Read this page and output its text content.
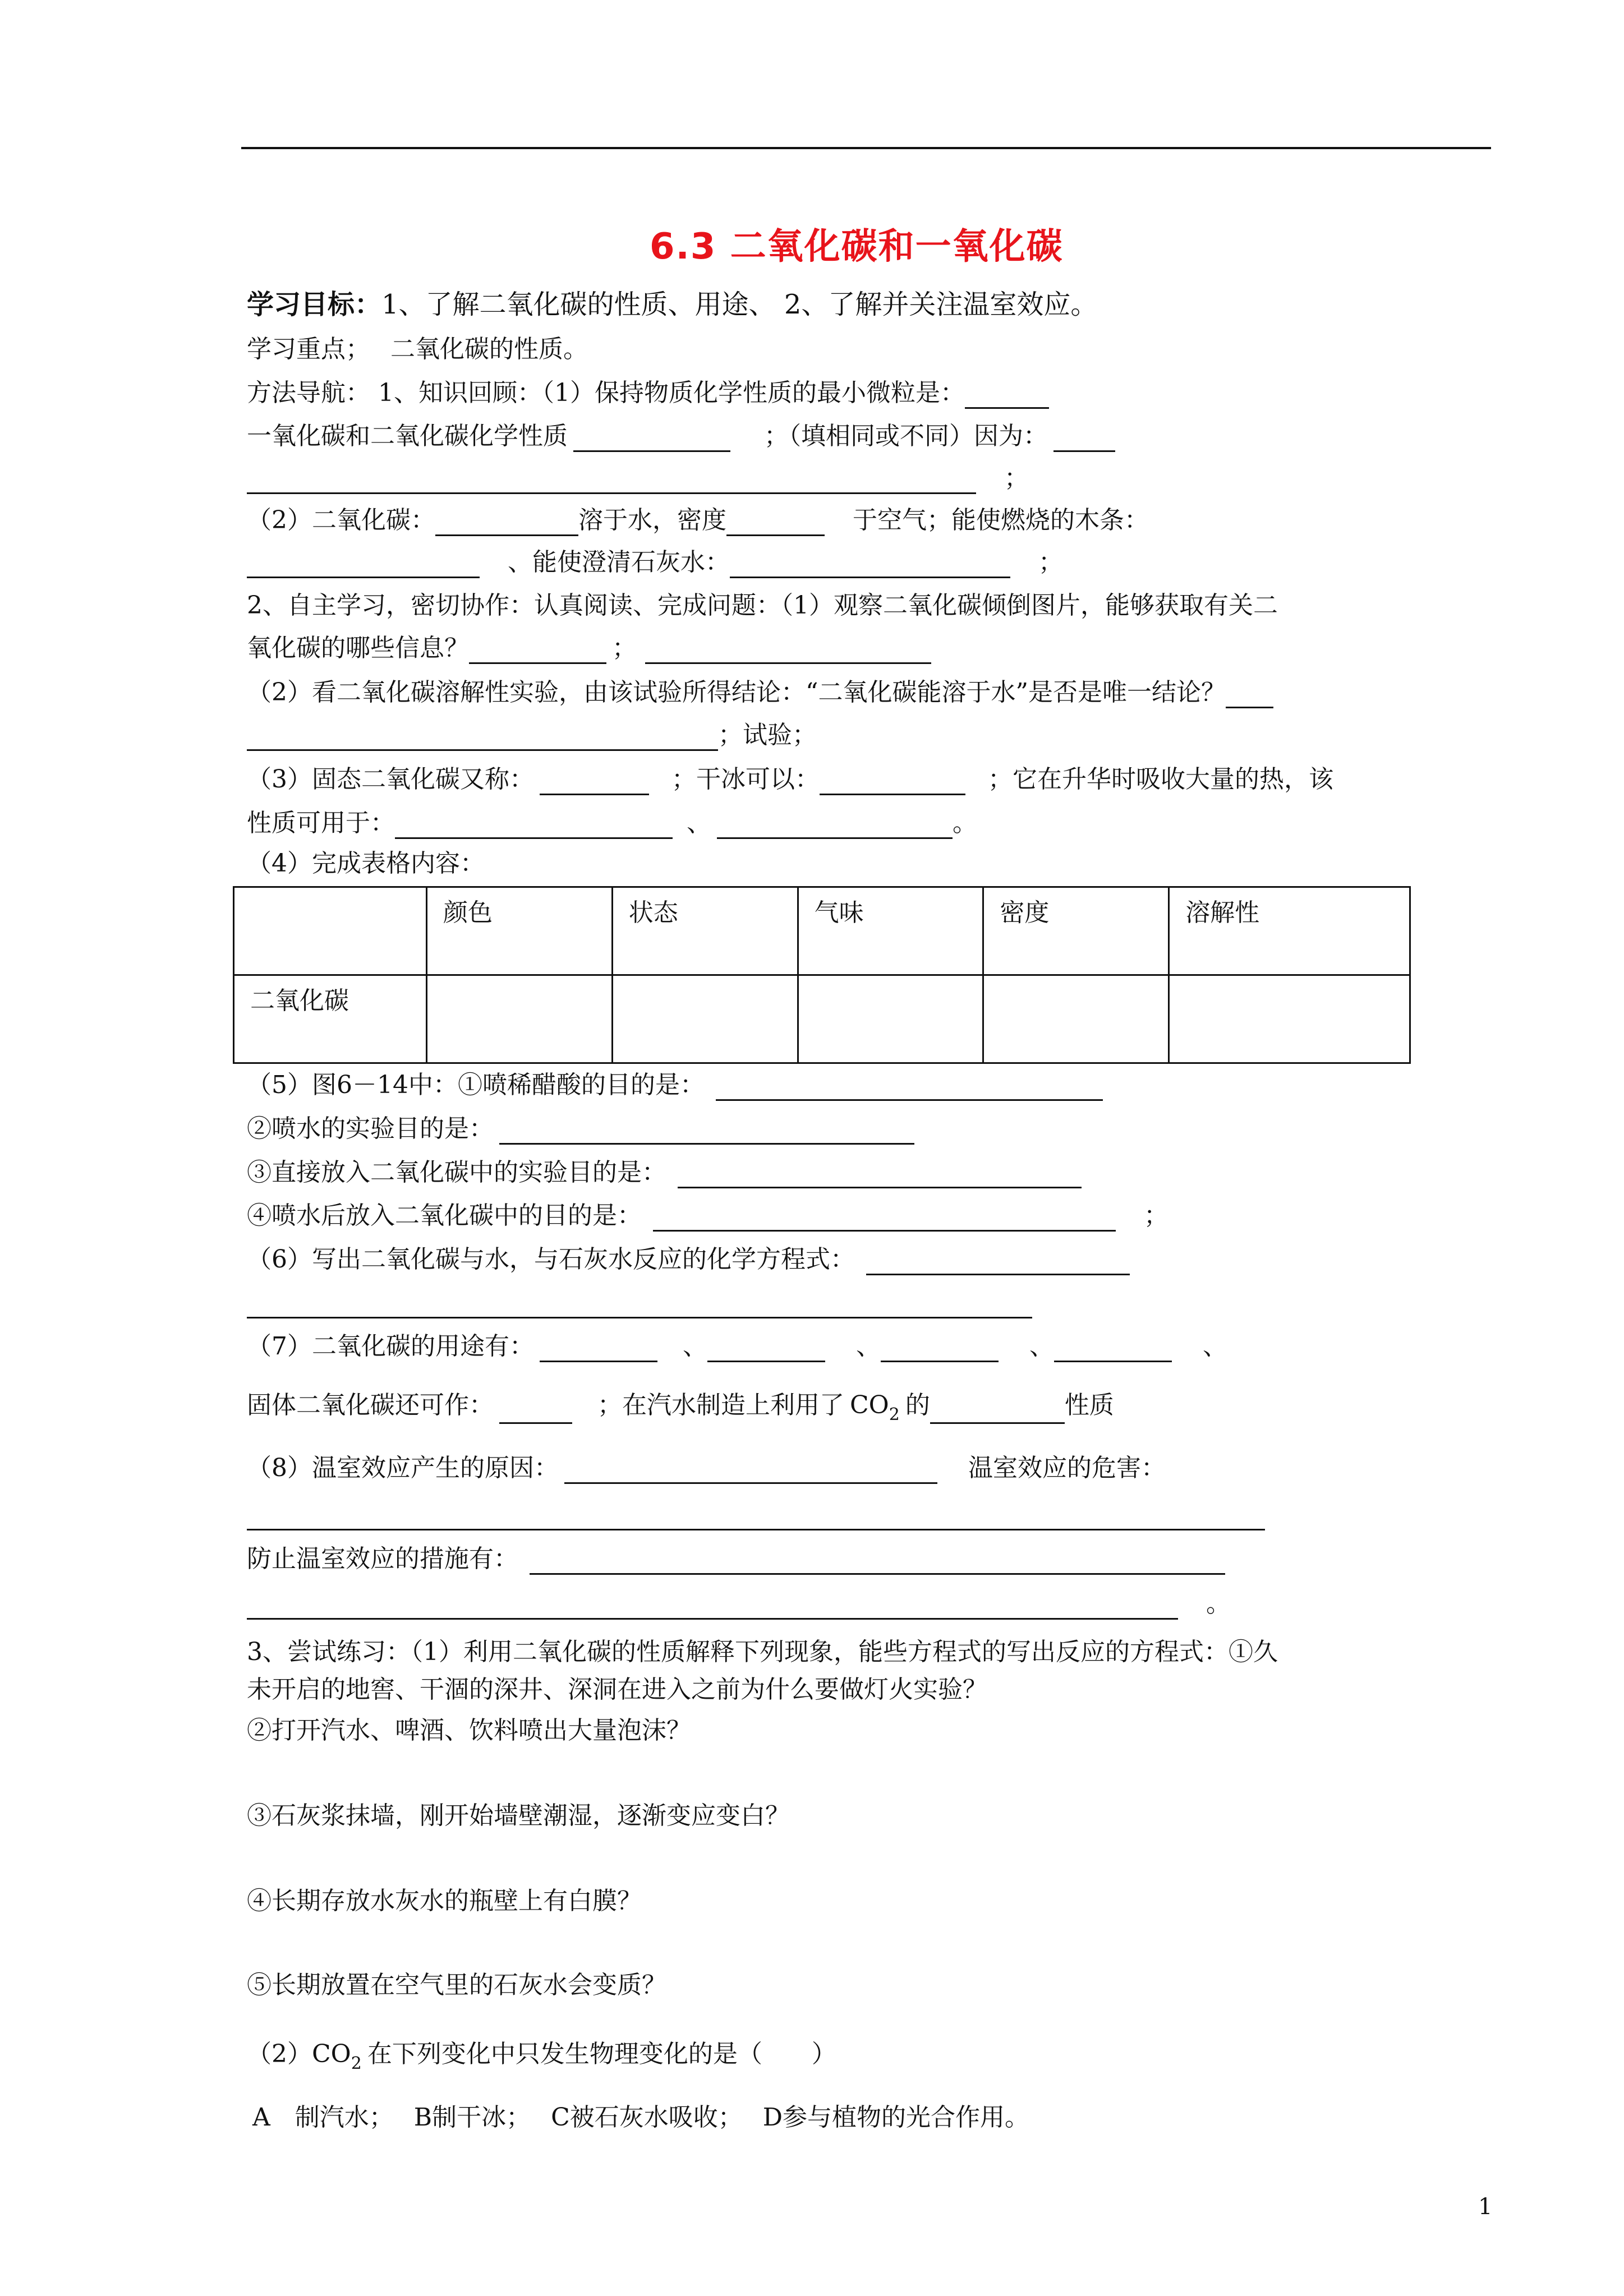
6.3 二氧化碳和一氧化碳
学习目标：1、了解二氧化碳的性质、用途、 2、了解并关注温室效应。
学习重点；　 二氧化碳的性质。
方法导航： 1、知识回顾：（1）保持物质化学性质的最小微粒是：
一氧化碳和二氧化碳化学性质	；（填相同或不同）因为：
；
（2）二氧化碳：	溶于水，密度	于空气；能使燃烧的木条：
、能使澄清石灰水：	；
2、自主学习，密切协作：认真阅读、完成问题：（1）观察二氧化碳倾倒图片，能够获取有关二
氧化碳的哪些信息？	；
（2）看二氧化碳溶解性实验，由该试验所得结论：“二氧化碳能溶于水”是否是唯一结论？
；试验；
（3）固态二氧化碳又称：	；干冰可以：	；它在升华时吸收大量的热，该
性质可用于：	、	。
（4）完成表格内容：
	颜色	状态	气味	密度	溶解性
二氧化碳					
（5）图6－14中：①喷稀醋酸的目的是：
②喷水的实验目的是：
③直接放入二氧化碳中的实验目的是：
④喷水后放入二氧化碳中的目的是：	；
（6）写出二氧化碳与水，与石灰水反应的化学方程式：
（7）二氧化碳的用途有：	、	、	、	、
固体二氧化碳还可作：	；在汽水制造上利用了 $CO_2$ 的	性质
（8）温室效应产生的原因：	温室效应的危害：
防止温室效应的措施有：
。
3、尝试练习：（1）利用二氧化碳的性质解释下列现象，能些方程式的写出反应的方程式：①久
未开启的地窖、干涸的深井、深洞在进入之前为什么要做灯火实验？
②打开汽水、啤酒、饮料喷出大量泡沫？
③石灰浆抹墙，刚开始墙壁潮湿，逐渐变应变白？
④长期存放水灰水的瓶壁上有白膜？
⑤长期放置在空气里的石灰水会变质？
$(2)CO_2$ 在下列变化中只发生物理变化的是（　　）
A　制汽水；　 B制干冰；　 C被石灰水吸收；　 D参与植物的光合作用。
1
